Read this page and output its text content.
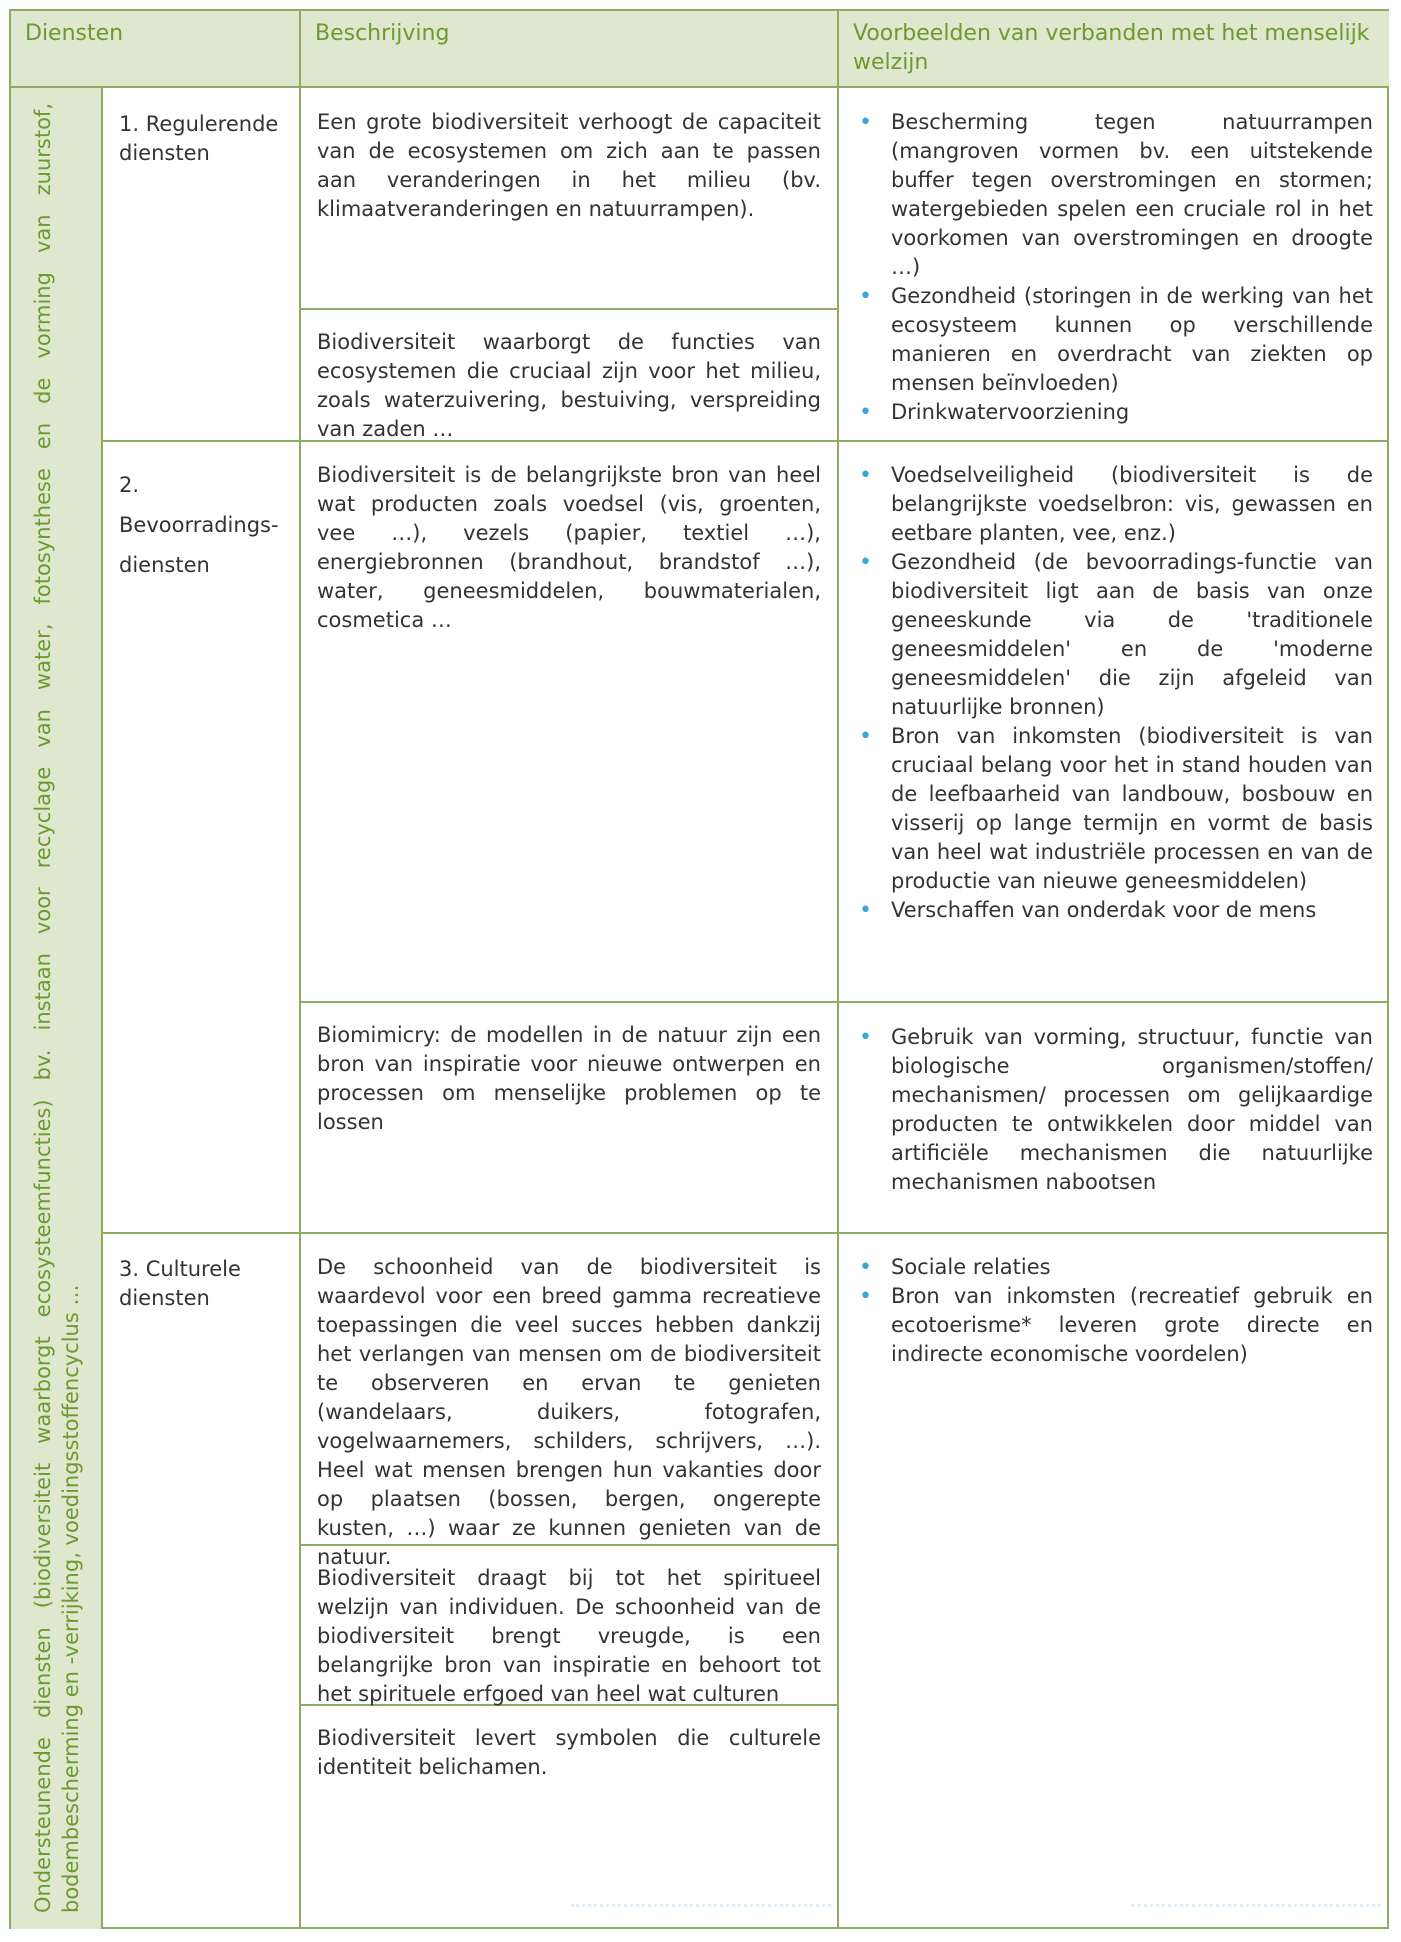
Diensten	Beschrijving	Voorbeelden van verbanden met het menselijk welzijn
Ondersteunende diensten (biodiversiteit waarborgt ecosysteemfuncties) bv. instaan voor recyclage van water, fotosynthese en de vorming van zuurstof, bodembescherming en -verrijking, voedingsstoffencyclus …
1. Regulerende diensten
Een grote biodiversiteit verhoogt de capaciteit van de ecosystemen om zich aan te passen aan veranderingen in het milieu (bv. klimaatveranderingen en natuurrampen).
Biodiversiteit waarborgt de functies van ecosystemen die cruciaal zijn voor het milieu, zoals waterzuivering, bestuiving, verspreiding van zaden …
• Bescherming tegen natuurrampen (mangroven vormen bv. een uitstekende buffer tegen overstromingen en stormen; watergebieden spelen een cruciale rol in het voorkomen van overstromingen en droogte …)
• Gezondheid (storingen in de werking van het ecosysteem kunnen op verschillende manieren en overdracht van ziekten op mensen beïnvloeden)
• Drinkwatervoorziening
2.
Bevoorradings-
diensten
Biodiversiteit is de belangrijkste bron van heel wat producten zoals voedsel (vis, groenten, vee …), vezels (papier, textiel …), energiebronnen (brandhout, brandstof …), water, geneesmiddelen, bouwmaterialen, cosmetica …
Biomimicry: de modellen in de natuur zijn een bron van inspiratie voor nieuwe ontwerpen en processen om menselijke problemen op te lossen
• Voedselveiligheid (biodiversiteit is de belangrijkste voedselbron: vis, gewassen en eetbare planten, vee, enz.)
• Gezondheid (de bevoorradings-functie van biodiversiteit ligt aan de basis van onze geneeskunde via de 'traditionele geneesmiddelen' en de 'moderne geneesmiddelen' die zijn afgeleid van natuurlijke bronnen)
• Bron van inkomsten (biodiversiteit is van cruciaal belang voor het in stand houden van de leefbaarheid van landbouw, bosbouw en visserij op lange termijn en vormt de basis van heel wat industriële processen en van de productie van nieuwe geneesmiddelen)
• Verschaffen van onderdak voor de mens
• Gebruik van vorming, structuur, functie van biologische organismen/stoffen/ mechanismen/ processen om gelijkaardige producten te ontwikkelen door middel van artificiële mechanismen die natuurlijke mechanismen nabootsen
3. Culturele diensten
De schoonheid van de biodiversiteit is waardevol voor een breed gamma recreatieve toepassingen die veel succes hebben dankzij het verlangen van mensen om de biodiversiteit te observeren en ervan te genieten (wandelaars, duikers, fotografen, vogelwaarnemers, schilders, schrijvers, …). Heel wat mensen brengen hun vakanties door op plaatsen (bossen, bergen, ongerepte kusten, …) waar ze kunnen genieten van de natuur.
Biodiversiteit draagt bij tot het spiritueel welzijn van individuen. De schoonheid van de biodiversiteit brengt vreugde, is een belangrijke bron van inspiratie en behoort tot het spirituele erfgoed van heel wat culturen
Biodiversiteit levert symbolen die culturele identiteit belichamen.
• Sociale relaties
• Bron van inkomsten (recreatief gebruik en ecotoerisme* leveren grote directe en indirecte economische voordelen)
